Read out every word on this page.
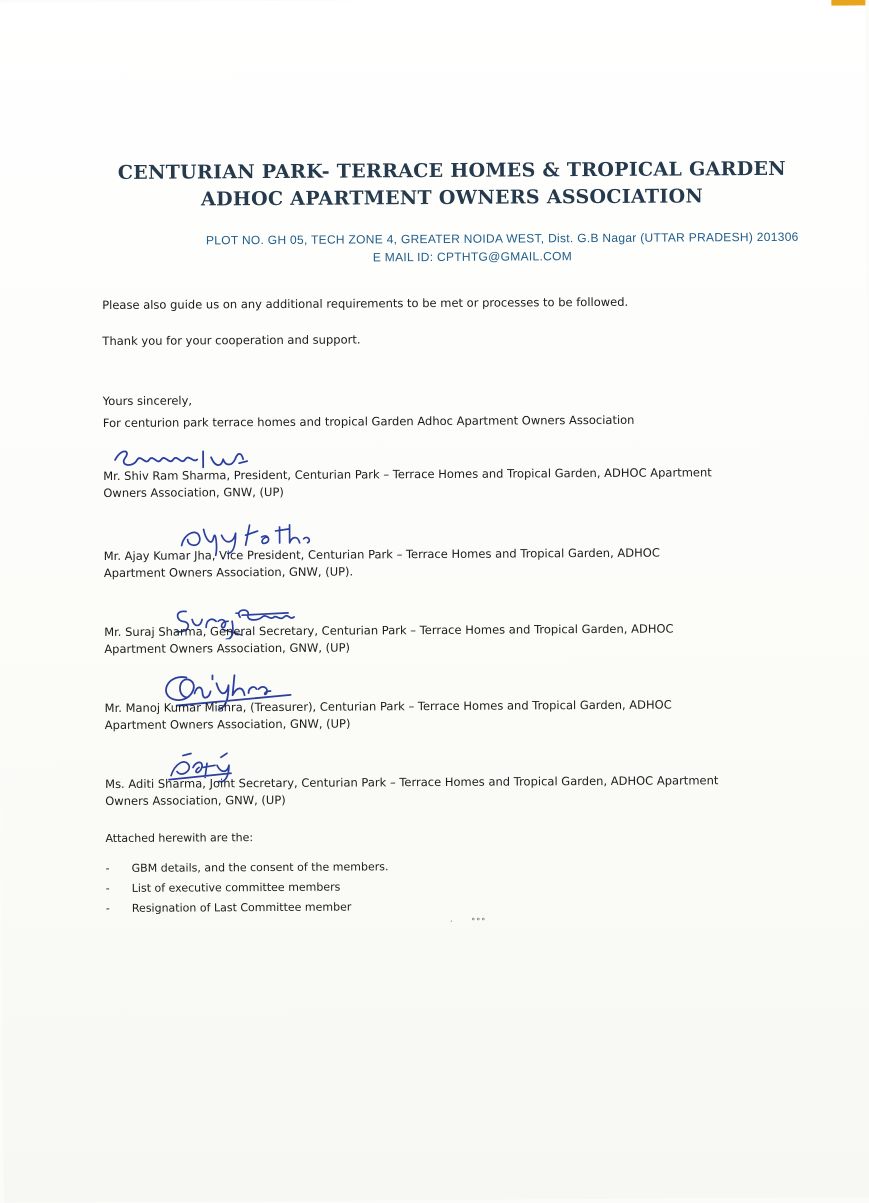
CENTURIAN PARK- TERRACE HOMES & TROPICAL GARDEN
ADHOC APARTMENT OWNERS ASSOCIATION
PLOT NO. GH 05, TECH ZONE 4, GREATER NOIDA WEST, Dist. G.B Nagar (UTTAR PRADESH) 201306
E MAIL ID: CPTHTG@GMAIL.COM
Please also guide us on any additional requirements to be met or processes to be followed.
Thank you for your cooperation and support.
Yours sincerely,
For centurion park terrace homes and tropical Garden Adhoc Apartment Owners Association
Mr. Shiv Ram Sharma, President, Centurian Park – Terrace Homes and Tropical Garden, ADHOC Apartment
Owners Association, GNW, (UP)
Mr. Ajay Kumar Jha, Vice President, Centurian Park – Terrace Homes and Tropical Garden, ADHOC
Apartment Owners Association, GNW, (UP).
Mr. Suraj Sharma, General Secretary, Centurian Park – Terrace Homes and Tropical Garden, ADHOC
Apartment Owners Association, GNW, (UP)
Mr. Manoj Kumar Mishra, (Treasurer), Centurian Park – Terrace Homes and Tropical Garden, ADHOC
Apartment Owners Association, GNW, (UP)
Ms. Aditi Sharma, Joint Secretary, Centurian Park – Terrace Homes and Tropical Garden, ADHOC Apartment
Owners Association, GNW, (UP)
Attached herewith are the:
-	GBM details, and the consent of the members.
-	List of executive committee members
-	Resignation of Last Committee member
·     °°°
